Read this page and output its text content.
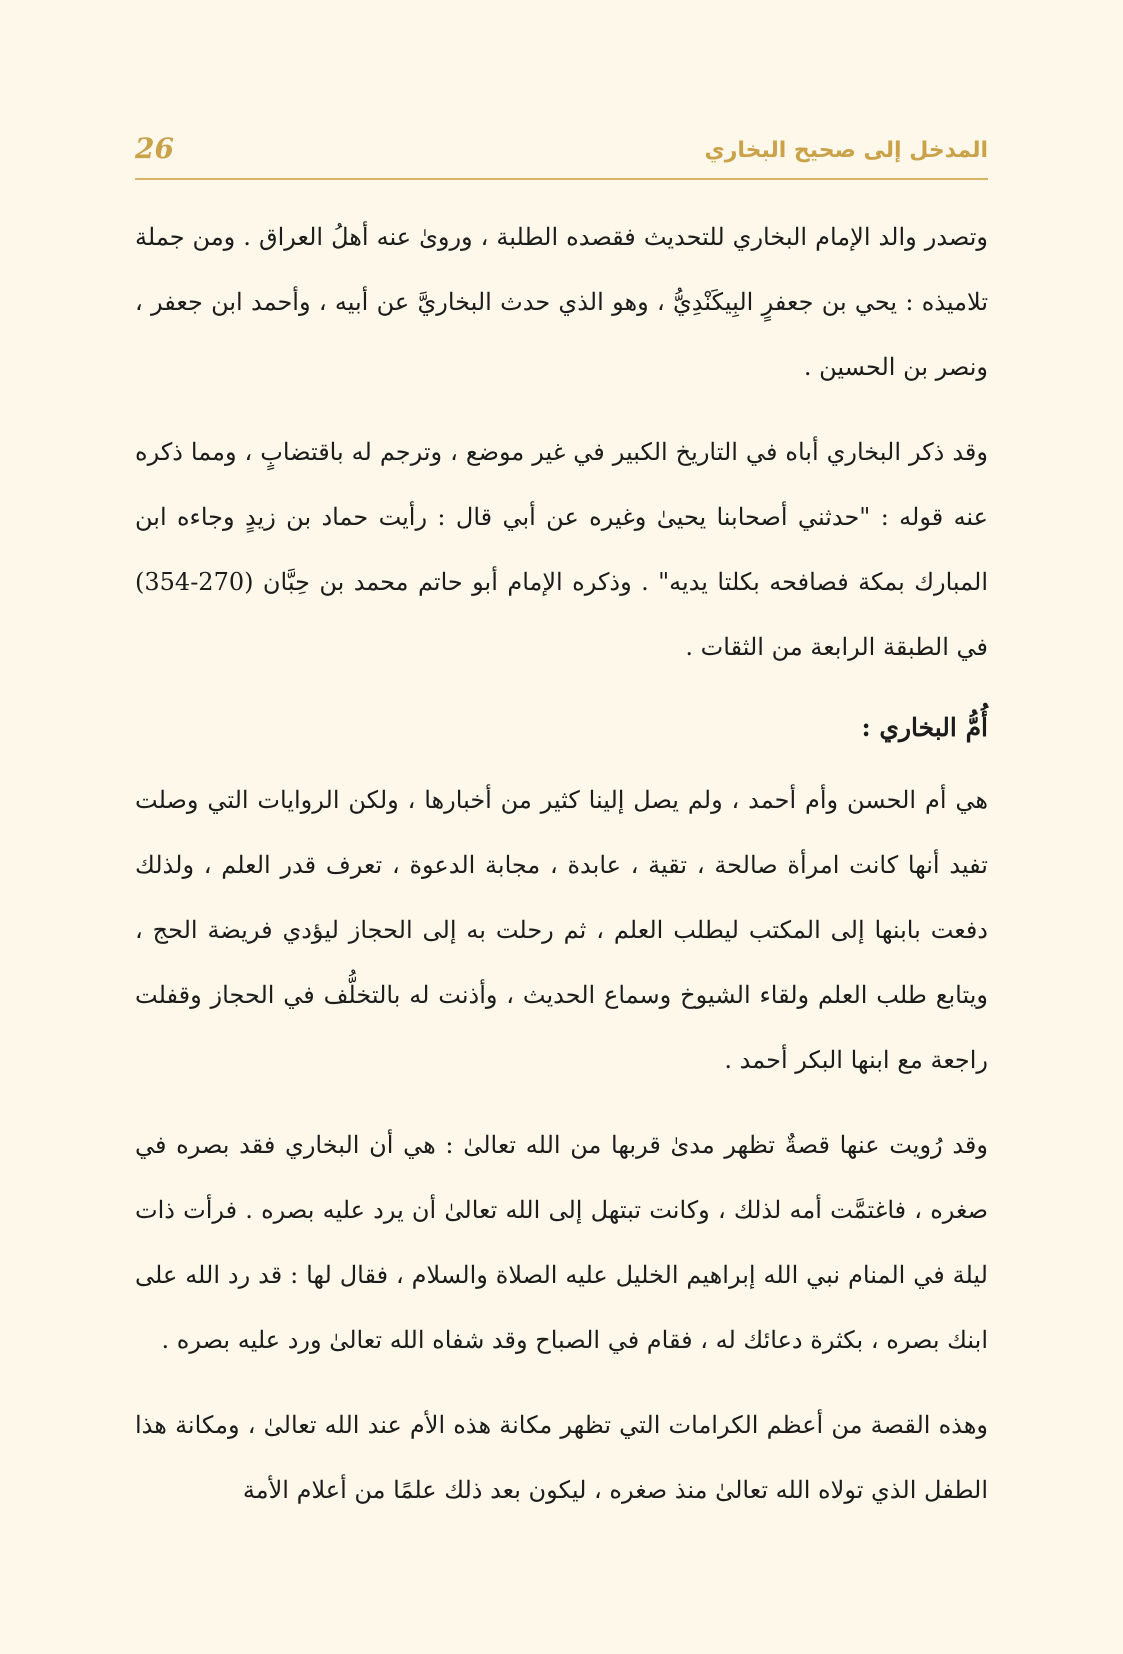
المدخل إلى صحيح البخاري
26

وتصدر والد الإمام البخاري للتحديث فقصده الطلبة ، وروىٰ عنه أهلُ العراق . ومن جملة تلاميذه : يحي بن جعفرٍ البِيكَنْدِيُّ ، وهو الذي حدث البخاريَّ عن أبيه ، وأحمد ابن جعفر ، ونصر بن الحسين .

وقد ذكر البخاري أباه في التاريخ الكبير في غير موضع ، وترجم له باقتضابٍ ، ومما ذكره عنه قوله : "حدثني أصحابنا يحيىٰ وغيره عن أبي قال : رأيت حماد بن زيدٍ وجاءه ابن المبارك بمكة فصافحه بكلتا يديه" . وذكره الإمام أبو حاتم محمد بن حِبَّان (270-354) في الطبقة الرابعة من الثقات .

أُمُّ البخاري :

هي أم الحسن وأم أحمد ، ولم يصل إلينا كثير من أخبارها ، ولكن الروايات التي وصلت تفيد أنها كانت امرأة صالحة ، تقية ، عابدة ، مجابة الدعوة ، تعرف قدر العلم ، ولذلك دفعت بابنها إلى المكتب ليطلب العلم ، ثم رحلت به إلى الحجاز ليؤدي فريضة الحج ، ويتابع طلب العلم ولقاء الشيوخ وسماع الحديث ، وأذنت له بالتخلُّف في الحجاز وقفلت راجعة مع ابنها البكر أحمد .

وقد رُويت عنها قصةٌ تظهر مدىٰ قربها من الله تعالىٰ : هي أن البخاري فقد بصره في صغره ، فاغتمَّت أمه لذلك ، وكانت تبتهل إلى الله تعالىٰ أن يرد عليه بصره . فرأت ذات ليلة في المنام نبي الله إبراهيم الخليل عليه الصلاة والسلام ، فقال لها : قد رد الله على ابنك بصره ، بكثرة دعائك له ، فقام في الصباح وقد شفاه الله تعالىٰ ورد عليه بصره .

وهذه القصة من أعظم الكرامات التي تظهر مكانة هذه الأم عند الله تعالىٰ ، ومكانة هذا الطفل الذي تولاه الله تعالىٰ منذ صغره ، ليكون بعد ذلك علمًا من أعلام الأمة
